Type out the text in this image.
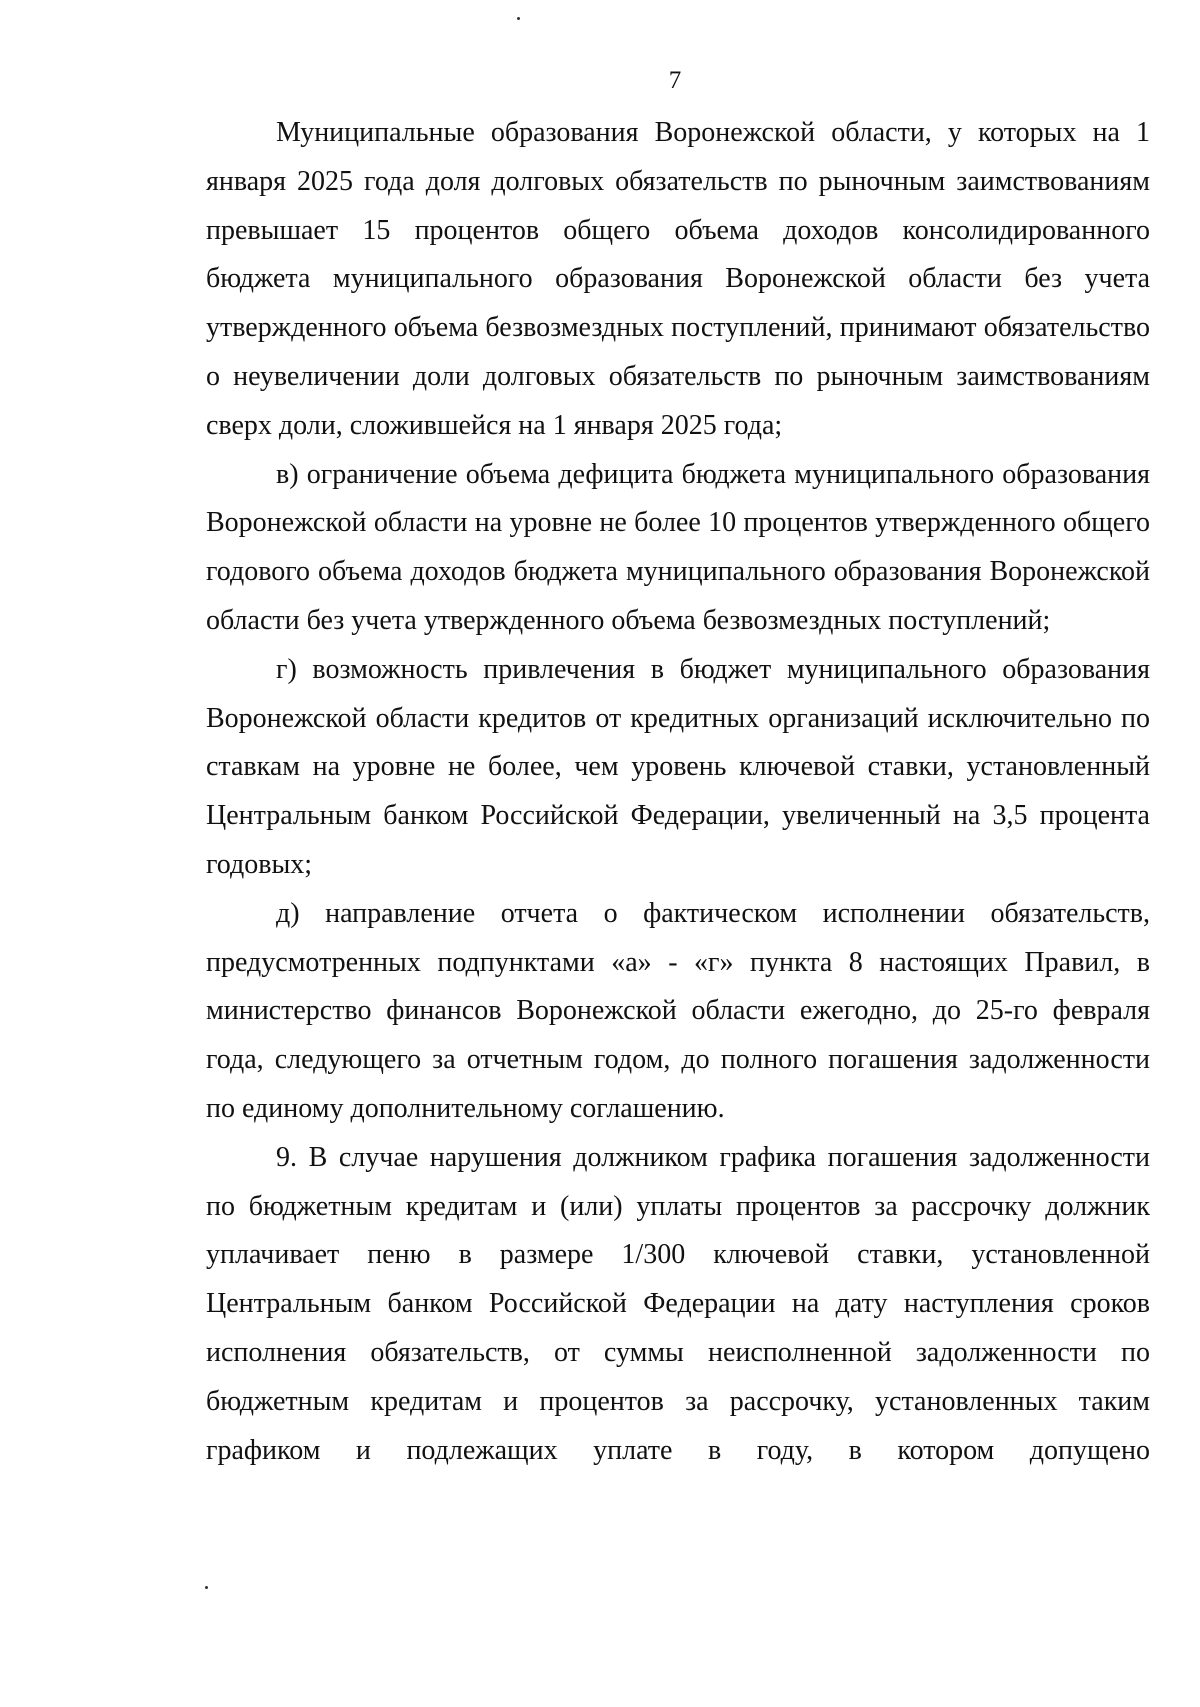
7

Муниципальные образования Воронежской области, у которых на 1 января 2025 года доля долговых обязательств по рыночным заимствованиям превышает 15 процентов общего объема доходов консолидированного бюджета муниципального образования Воронежской области без учета утвержденного объема безвозмездных поступлений, принимают обязательство о неувеличении доли долговых обязательств по рыночным заимствованиям сверх доли, сложившейся на 1 января 2025 года;

в) ограничение объема дефицита бюджета муниципального образования Воронежской области на уровне не более 10 процентов утвержденного общего годового объема доходов бюджета муниципального образования Воронежской области без учета утвержденного объема безвозмездных поступлений;

г) возможность привлечения в бюджет муниципального образования Воронежской области кредитов от кредитных организаций исключительно по ставкам на уровне не более, чем уровень ключевой ставки, установленный Центральным банком Российской Федерации, увеличенный на 3,5 процента годовых;

д) направление отчета о фактическом исполнении обязательств, предусмотренных подпунктами «а» - «г» пункта 8 настоящих Правил, в министерство финансов Воронежской области ежегодно, до 25-го февраля года, следующего за отчетным годом, до полного погашения задолженности по единому дополнительному соглашению.

9. В случае нарушения должником графика погашения задолженности по бюджетным кредитам и (или) уплаты процентов за рассрочку должник уплачивает пеню в размере 1/300 ключевой ставки, установленной Центральным банком Российской Федерации на дату наступления сроков исполнения обязательств, от суммы неисполненной задолженности по бюджетным кредитам и процентов за рассрочку, установленных таким графиком и подлежащих уплате в году, в котором допущено
